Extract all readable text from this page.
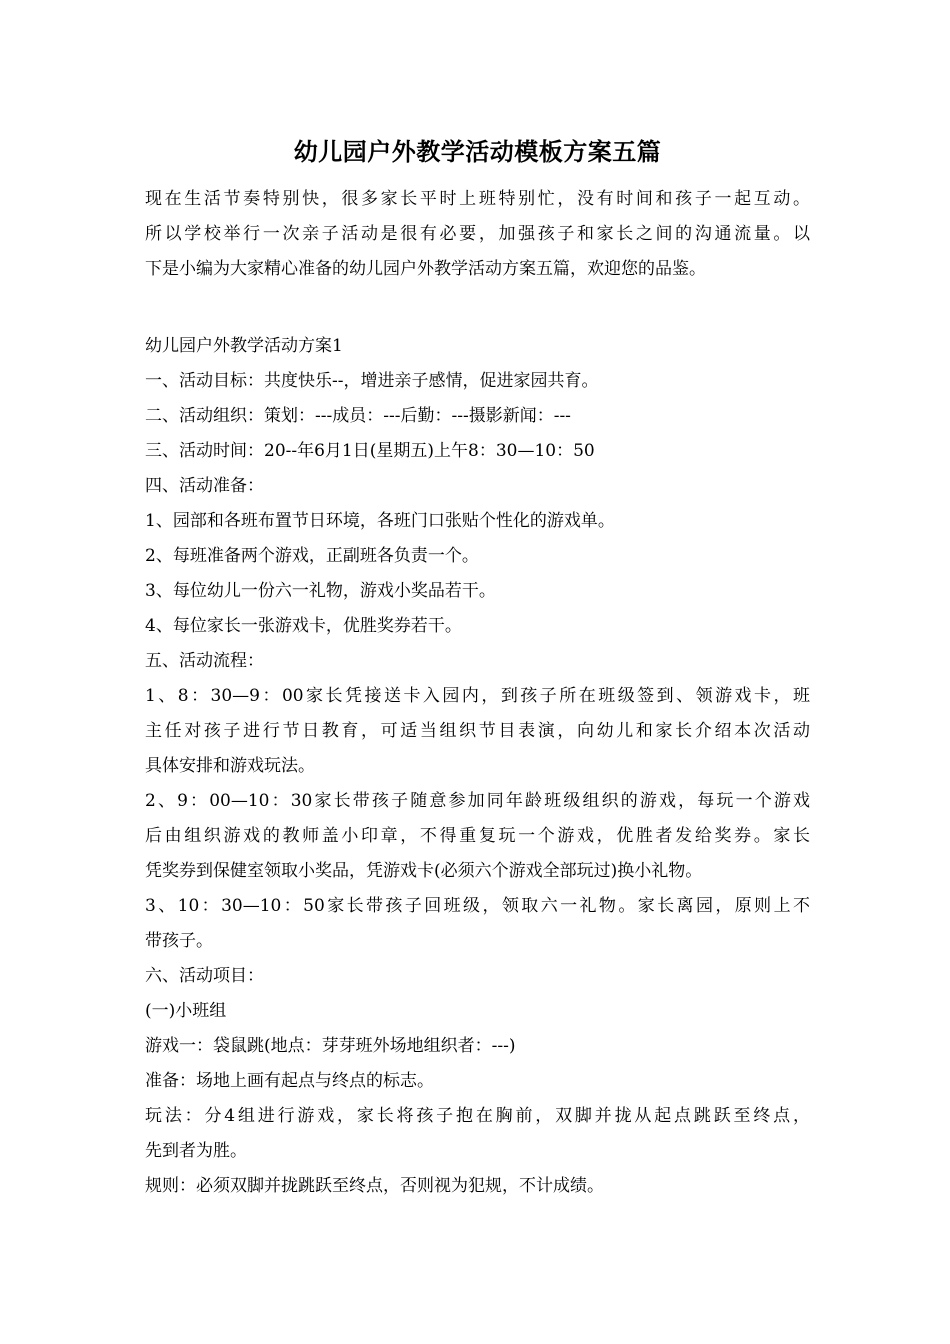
幼儿园户外教学活动模板方案五篇

现在生活节奏特别快，很多家长平时上班特别忙，没有时间和孩子一起互动。

所以学校举行一次亲子活动是很有必要，加强孩子和家长之间的沟通流量。以

下是小编为大家精心准备的幼儿园户外教学活动方案五篇，欢迎您的品鉴。

幼儿园户外教学活动方案1

一、活动目标：共度快乐--，增进亲子感情，促进家园共育。

二、活动组织：策划：---成员：---后勤：---摄影新闻：---

三、活动时间：20--年6月1日(星期五)上午8：30—10：50

四、活动准备：

1、园部和各班布置节日环境，各班门口张贴个性化的游戏单。

2、每班准备两个游戏，正副班各负责一个。

3、每位幼儿一份六一礼物，游戏小奖品若干。

4、每位家长一张游戏卡，优胜奖券若干。

五、活动流程：

1、8：30—9：00家长凭接送卡入园内，到孩子所在班级签到、领游戏卡，班

主任对孩子进行节日教育，可适当组织节目表演，向幼儿和家长介绍本次活动

具体安排和游戏玩法。

2、9：00—10：30家长带孩子随意参加同年龄班级组织的游戏，每玩一个游戏

后由组织游戏的教师盖小印章，不得重复玩一个游戏，优胜者发给奖券。家长

凭奖券到保健室领取小奖品，凭游戏卡(必须六个游戏全部玩过)换小礼物。

3、10：30—10：50家长带孩子回班级，领取六一礼物。家长离园，原则上不

带孩子。

六、活动项目：

(一)小班组

游戏一：袋鼠跳(地点：芽芽班外场地组织者：---)

准备：场地上画有起点与终点的标志。

玩法：分4组进行游戏，家长将孩子抱在胸前，双脚并拢从起点跳跃至终点，

先到者为胜。

规则：必须双脚并拢跳跃至终点，否则视为犯规，不计成绩。
